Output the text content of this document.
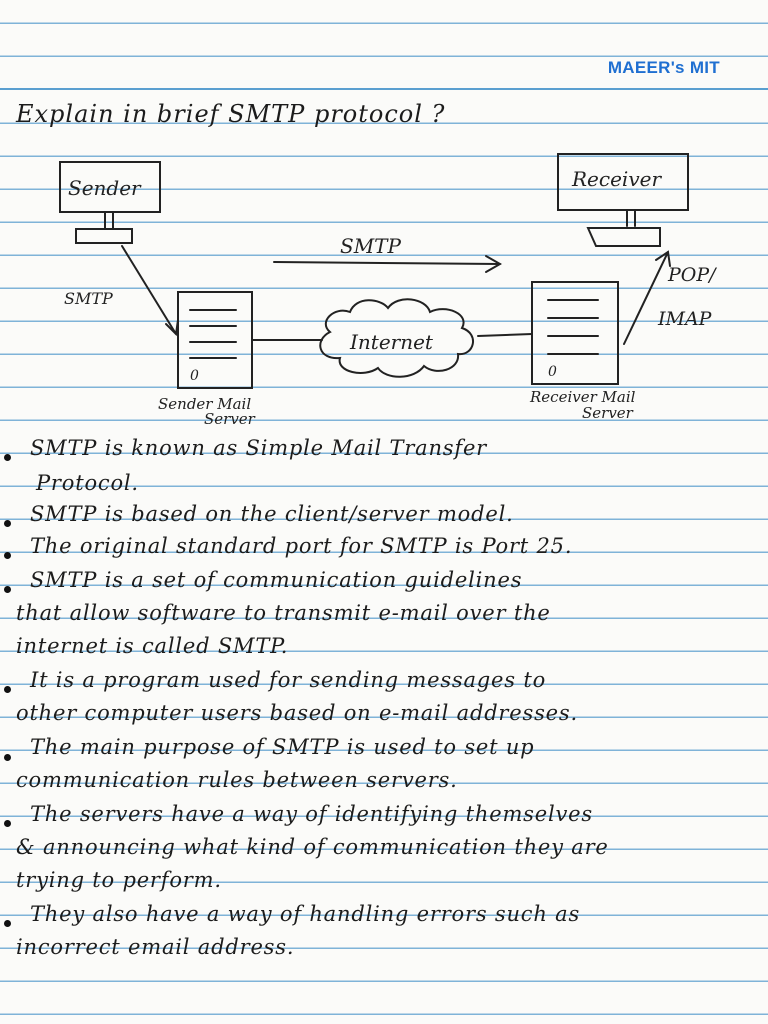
MAEER's MIT
Explain in brief SMTP protocol ?
Sender	Receiver
SMTP
SMTP
Internet
POP/
IMAP
0	0
Sender Mail
Server
Receiver Mail
Server
SMTP is known as Simple Mail Transfer
Protocol.
SMTP is based on the client/server model.
The original standard port for SMTP is Port 25.
SMTP is a set of communication guidelines
that allow software to transmit e-mail over the
internet is called SMTP.
It is a program used for sending messages to
other computer users based on e-mail addresses.
The main purpose of SMTP is used to set up
communication rules between servers.
The servers have a way of identifying themselves
& announcing what kind of communication they are
trying to perform.
They also have a way of handling errors such as
incorrect email address.
